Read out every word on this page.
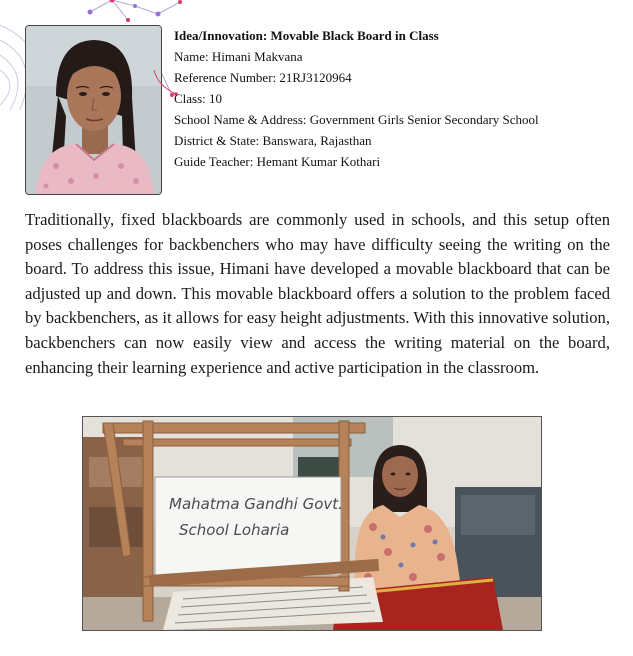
Idea/Innovation: Movable Black Board in Class
Name: Himani Makvana
Reference Number: 21RJ3120964
Class: 10
School Name & Address: Government Girls Senior Secondary School
District & State: Banswara, Rajasthan
Guide Teacher: Hemant Kumar Kothari
Traditionally, fixed blackboards are commonly used in schools, and this setup often poses challenges for backbenchers who may have difficulty seeing the writing on the board. To address this issue, Himani have developed a movable blackboard that can be adjusted up and down. This movable blackboard offers a solution to the problem faced by backbenchers, as it allows for easy height adjustments. With this innovative solution, backbenchers can now easily view and access the writing material on the board, enhancing their learning experience and active participation in the classroom.
Mahatma Gandhi Govt.
School Loharia
